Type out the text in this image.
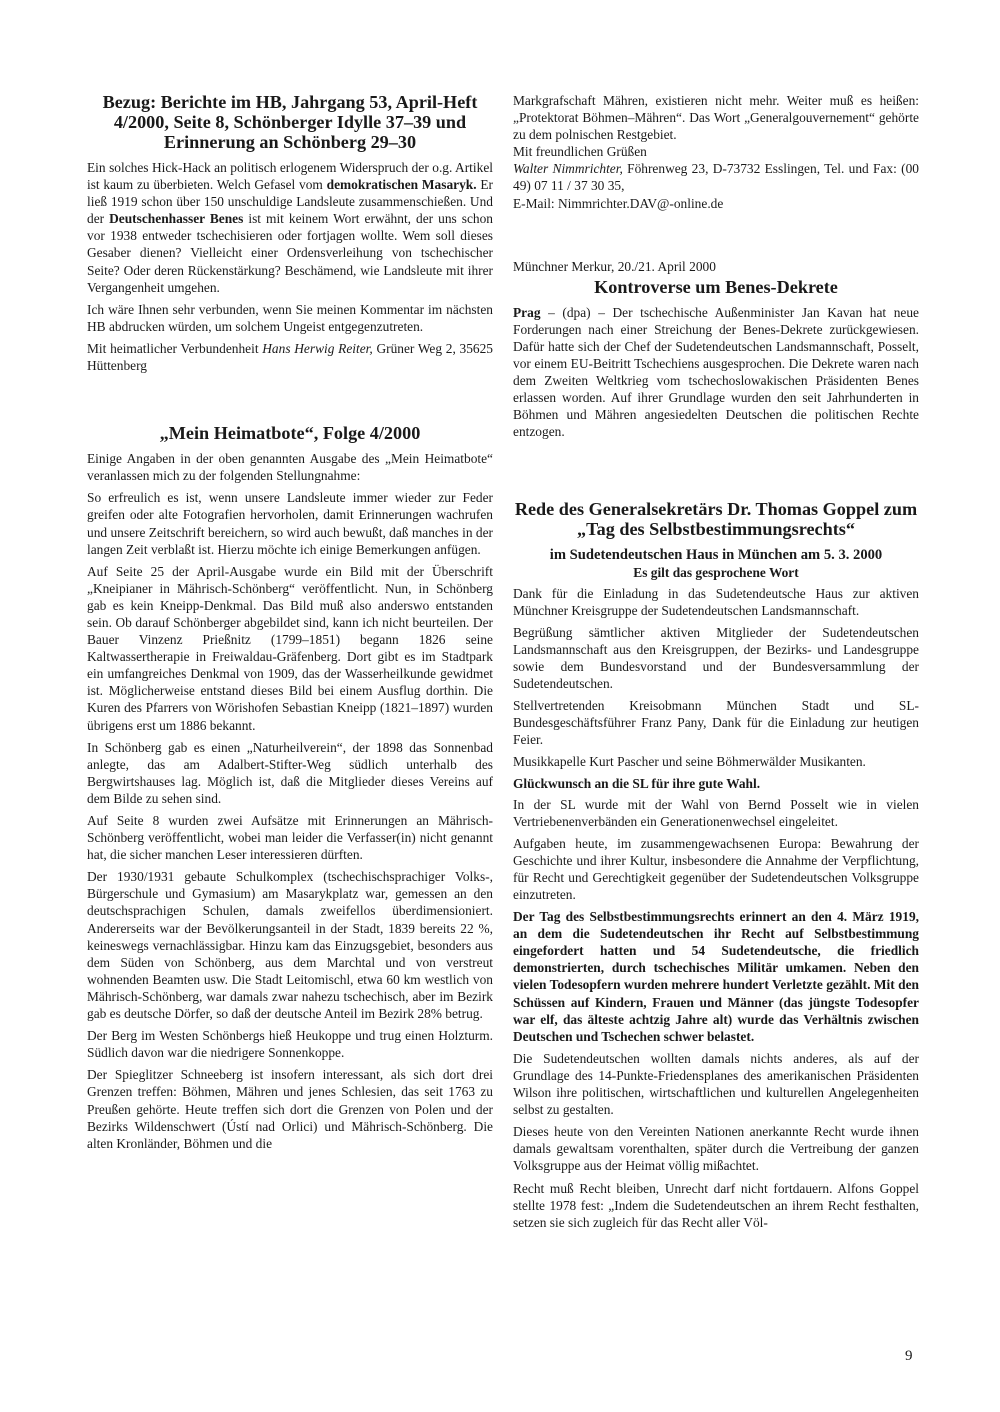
Bezug: Berichte im HB, Jahrgang 53, April-Heft 4/2000, Seite 8, Schönberger Idylle 37–39 und Erinnerung an Schönberg 29–30

Ein solches Hick-Hack an politisch erlogenem Widerspruch der o.g. Artikel ist kaum zu überbieten. Welch Gefasel vom demokratischen Masaryk. Er ließ 1919 schon über 150 unschuldige Landsleute zusammenschießen. Und der Deutschenhasser Benes ist mit keinem Wort erwähnt, der uns schon vor 1938 entweder tschechisieren oder fortjagen wollte. Wem soll dieses Gesaber dienen? Vielleicht einer Ordensverleihung von tschechischer Seite? Oder deren Rückenstärkung? Beschämend, wie Landsleute mit ihrer Vergangenheit umgehen.

Ich wäre Ihnen sehr verbunden, wenn Sie meinen Kommentar im nächsten HB abdrucken würden, um solchem Ungeist entgegenzutreten.

Mit heimatlicher Verbundenheit Hans Herwig Reiter, Grüner Weg 2, 35625 Hüttenberg

„Mein Heimatbote“, Folge 4/2000

Einige Angaben in der oben genannten Ausgabe des „Mein Heimatbote“ veranlassen mich zu der folgenden Stellungnahme:

So erfreulich es ist, wenn unsere Landsleute immer wieder zur Feder greifen oder alte Fotografien hervorholen, damit Erinnerungen wachrufen und unsere Zeitschrift bereichern, so wird auch bewußt, daß manches in der langen Zeit verblaßt ist. Hierzu möchte ich einige Bemerkungen anfügen.

Auf Seite 25 der April-Ausgabe wurde ein Bild mit der Überschrift „Kneipianer in Mährisch-Schönberg“ veröffentlicht. Nun, in Schönberg gab es kein Kneipp-Denkmal. Das Bild muß also anderswo entstanden sein. Ob darauf Schönberger abgebildet sind, kann ich nicht beurteilen. Der Bauer Vinzenz Prießnitz (1799–1851) begann 1826 seine Kaltwassertherapie in Freiwaldau-Gräfenberg. Dort gibt es im Stadtpark ein umfangreiches Denkmal von 1909, das der Wasserheilkunde gewidmet ist. Möglicherweise entstand dieses Bild bei einem Ausflug dorthin. Die Kuren des Pfarrers von Wörishofen Sebastian Kneipp (1821–1897) wurden übrigens erst um 1886 bekannt.

In Schönberg gab es einen „Naturheilverein“, der 1898 das Sonnenbad anlegte, das am Adalbert-Stifter-Weg südlich unterhalb des Bergwirtshauses lag. Möglich ist, daß die Mitglieder dieses Vereins auf dem Bilde zu sehen sind.

Auf Seite 8 wurden zwei Aufsätze mit Erinnerungen an Mährisch-Schönberg veröffentlicht, wobei man leider die Verfasser(in) nicht genannt hat, die sicher manchen Leser interessieren dürften.

Der 1930/1931 gebaute Schulkomplex (tschechischsprachiger Volks-, Bürgerschule und Gymasium) am Masarykplatz war, gemessen an den deutschsprachigen Schulen, damals zweifellos überdimensioniert. Andererseits war der Bevölkerungsanteil in der Stadt, 1839 bereits 22 %, keineswegs vernachlässigbar. Hinzu kam das Einzugsgebiet, besonders aus dem Süden von Schönberg, aus dem Marchtal und von verstreut wohnenden Beamten usw. Die Stadt Leitomischl, etwa 60 km westlich von Mährisch-Schönberg, war damals zwar nahezu tschechisch, aber im Bezirk gab es deutsche Dörfer, so daß der deutsche Anteil im Bezirk 28% betrug.

Der Berg im Westen Schönbergs hieß Heukoppe und trug einen Holzturm. Südlich davon war die niedrigere Sonnenkoppe.

Der Spieglitzer Schneeberg ist insofern interessant, als sich dort drei Grenzen treffen: Böhmen, Mähren und jenes Schlesien, das seit 1763 zu Preußen gehörte. Heute treffen sich dort die Grenzen von Polen und der Bezirks Wildenschwert (Ústí nad Orlici) und Mährisch-Schönberg. Die alten Kronländer, Böhmen und die

Markgrafschaft Mähren, existieren nicht mehr. Weiter muß es heißen: „Protektorat Böhmen–Mähren“. Das Wort „Generalgouvernement“ gehörte zu dem polnischen Restgebiet.

Mit freundlichen Grüßen

Walter Nimmrichter, Föhrenweg 23, D-73732 Esslingen, Tel. und Fax: (00 49) 07 11 / 37 30 35,

E-Mail: Nimmrichter.DAV@-online.de

Münchner Merkur, 20./21. April 2000

Kontroverse um Benes-Dekrete

Prag – (dpa) – Der tschechische Außenminister Jan Kavan hat neue Forderungen nach einer Streichung der Benes-Dekrete zurückgewiesen. Dafür hatte sich der Chef der Sudetendeutschen Landsmannschaft, Posselt, vor einem EU-Beitritt Tschechiens ausgesprochen. Die Dekrete waren nach dem Zweiten Weltkrieg vom tschechoslowakischen Präsidenten Benes erlassen worden. Auf ihrer Grundlage wurden den seit Jahrhunderten in Böhmen und Mähren angesiedelten Deutschen die politischen Rechte entzogen.

Rede des Generalsekretärs Dr. Thomas Goppel zum „Tag des Selbstbestimmungsrechts“
im Sudetendeutschen Haus in München am 5. 3. 2000
Es gilt das gesprochene Wort

Dank für die Einladung in das Sudetendeutsche Haus zur aktiven Münchner Kreisgruppe der Sudetendeutschen Landsmannschaft.

Begrüßung sämtlicher aktiven Mitglieder der Sudetendeutschen Landsmannschaft aus den Kreisgruppen, der Bezirks- und Landesgruppe sowie dem Bundesvorstand und der Bundesversammlung der Sudetendeutschen.

Stellvertretenden Kreisobmann München Stadt und SL-Bundesgeschäftsführer Franz Pany, Dank für die Einladung zur heutigen Feier.

Musikkapelle Kurt Pascher und seine Böhmerwälder Musikanten.

Glückwunsch an die SL für ihre gute Wahl.

In der SL wurde mit der Wahl von Bernd Posselt wie in vielen Vertriebenenverbänden ein Generationenwechsel eingeleitet.

Aufgaben heute, im zusammengewachsenen Europa: Bewahrung der Geschichte und ihrer Kultur, insbesondere die Annahme der Verpflichtung, für Recht und Gerechtigkeit gegenüber der Sudetendeutschen Volksgruppe einzutreten.

Der Tag des Selbstbestimmungsrechts erinnert an den 4. März 1919, an dem die Sudetendeutschen ihr Recht auf Selbstbestimmung eingefordert hatten und 54 Sudetendeutsche, die friedlich demonstrierten, durch tschechisches Militär umkamen. Neben den vielen Todesopfern wurden mehrere hundert Verletzte gezählt. Mit den Schüssen auf Kindern, Frauen und Männer (das jüngste Todesopfer war elf, das älteste achtzig Jahre alt) wurde das Verhältnis zwischen Deutschen und Tschechen schwer belastet.

Die Sudetendeutschen wollten damals nichts anderes, als auf der Grundlage des 14-Punkte-Friedensplanes des amerikanischen Präsidenten Wilson ihre politischen, wirtschaftlichen und kulturellen Angelegenheiten selbst zu gestalten.

Dieses heute von den Vereinten Nationen anerkannte Recht wurde ihnen damals gewaltsam vorenthalten, später durch die Vertreibung der ganzen Volksgruppe aus der Heimat völlig mißachtet.

Recht muß Recht bleiben, Unrecht darf nicht fortdauern. Alfons Goppel stellte 1978 fest: „Indem die Sudetendeutschen an ihrem Recht festhalten, setzen sie sich zugleich für das Recht aller Völ-

9
